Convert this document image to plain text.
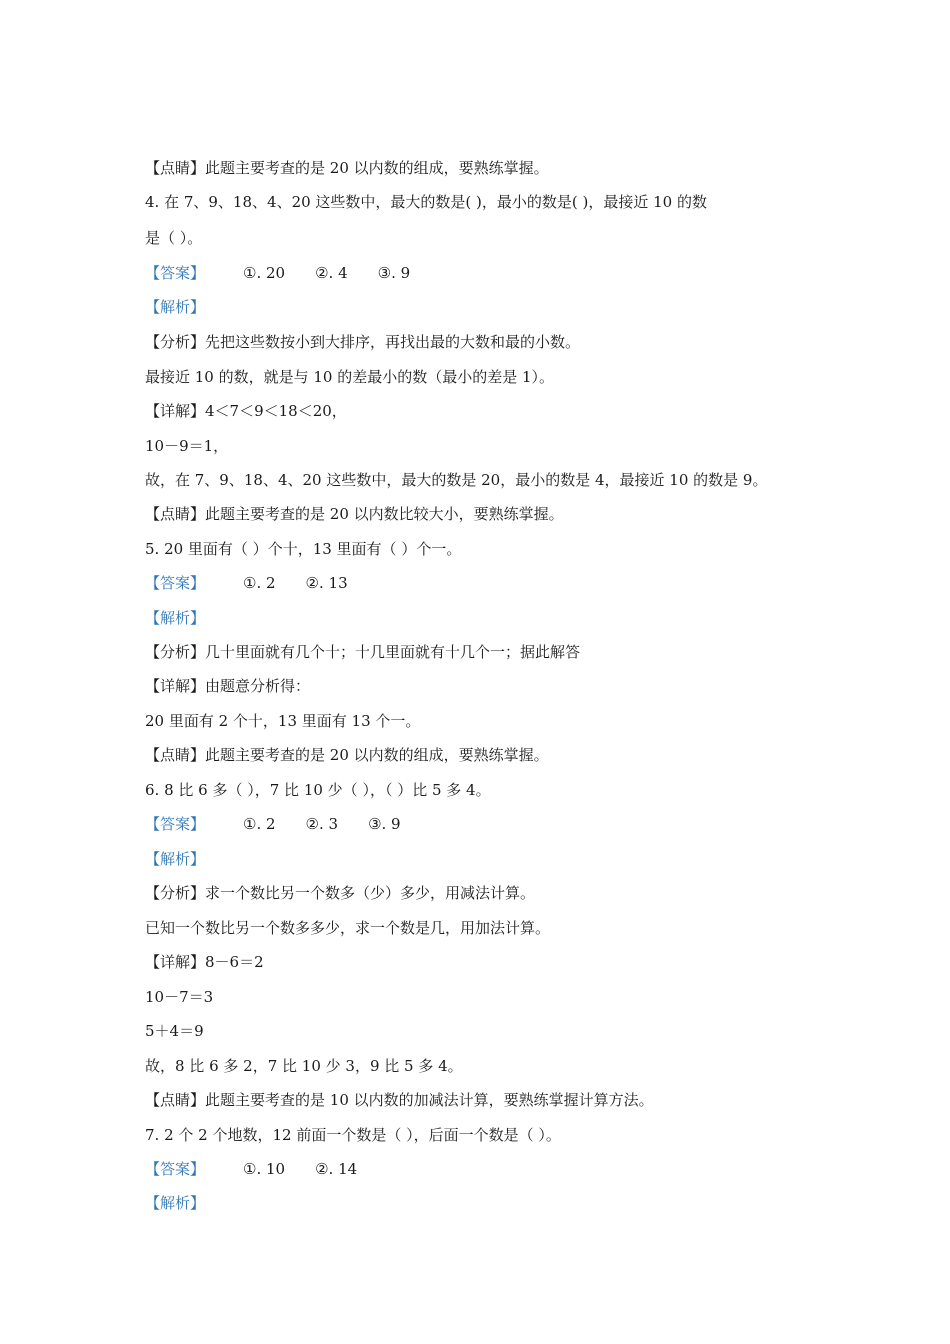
【点睛】此题主要考查的是 20 以内数的组成，要熟练掌握。
4. 在 7、9、18、4、20 这些数中，最大的数是( )，最小的数是( )，最接近 10 的数
是（ ）。
【答案】	①. 20 ②. 4 ③. 9
【解析】
【分析】先把这些数按小到大排序，再找出最的大数和最的小数。
最接近 10 的数，就是与 10 的差最小的数（最小的差是 1）。
【详解】4＜7＜9＜18＜20，
10－9＝1，
故，在 7、9、18、4、20 这些数中，最大的数是 20，最小的数是 4，最接近 10 的数是 9。
【点睛】此题主要考查的是 20 以内数比较大小，要熟练掌握。
5. 20 里面有（ ）个十，13 里面有（ ）个一。
【答案】	①. 2 ②. 13
【解析】
【分析】几十里面就有几个十；十几里面就有十几个一；据此解答
【详解】由题意分析得：
20 里面有 2 个十，13 里面有 13 个一。
【点睛】此题主要考查的是 20 以内数的组成，要熟练掌握。
6. 8 比 6 多（ ），7 比 10 少（ ），（ ）比 5 多 4。
【答案】	①. 2 ②. 3 ③. 9
【解析】
【分析】求一个数比另一个数多（少）多少，用减法计算。
已知一个数比另一个数多多少，求一个数是几，用加法计算。
【详解】8－6＝2
10－7＝3
5＋4＝9
故，8 比 6 多 2，7 比 10 少 3，9 比 5 多 4。
【点睛】此题主要考查的是 10 以内数的加减法计算，要熟练掌握计算方法。
7. 2 个 2 个地数，12 前面一个数是（ ），后面一个数是（ ）。
【答案】	①. 10 ②. 14
【解析】
